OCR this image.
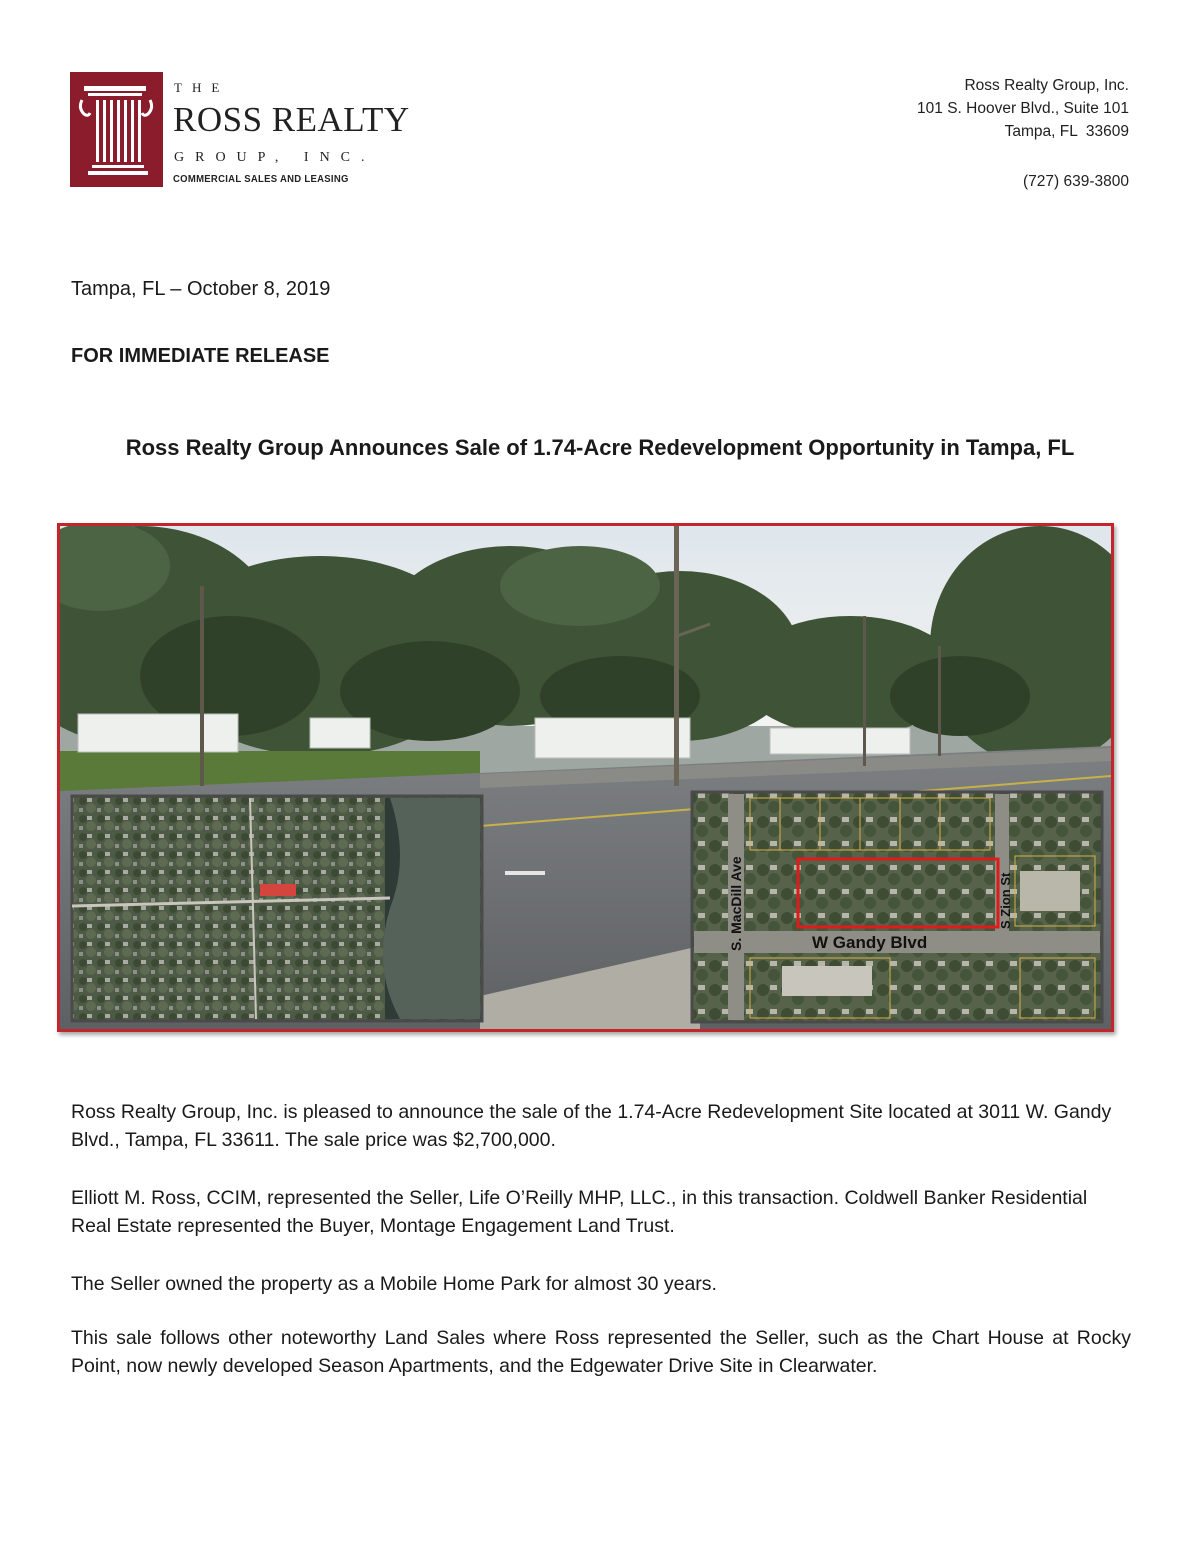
THE
ROSS REALTY
GROUP, INC.
COMMERCIAL SALES AND LEASING
Ross Realty Group, Inc.
101 S. Hoover Blvd., Suite 101
Tampa, FL  33609
(727) 639-3800
Tampa, FL – October 8, 2019
FOR IMMEDIATE RELEASE
Ross Realty Group Announces Sale of 1.74-Acre Redevelopment Opportunity in Tampa, FL
W Gandy Blvd
S. MacDill Ave	S Zion St

Ross Realty Group, Inc. is pleased to announce the sale of the 1.74-Acre Redevelopment Site located at 3011 W. Gandy Blvd., Tampa, FL 33611. The sale price was $2,700,000.

Elliott M. Ross, CCIM, represented the Seller, Life O’Reilly MHP, LLC., in this transaction. Coldwell Banker Residential Real Estate represented the Buyer, Montage Engagement Land Trust.

The Seller owned the property as a Mobile Home Park for almost 30 years.

This sale follows other noteworthy Land Sales where Ross represented the Seller, such as the Chart House at Rocky Point, now newly developed Season Apartments, and the Edgewater Drive Site in Clearwater.
